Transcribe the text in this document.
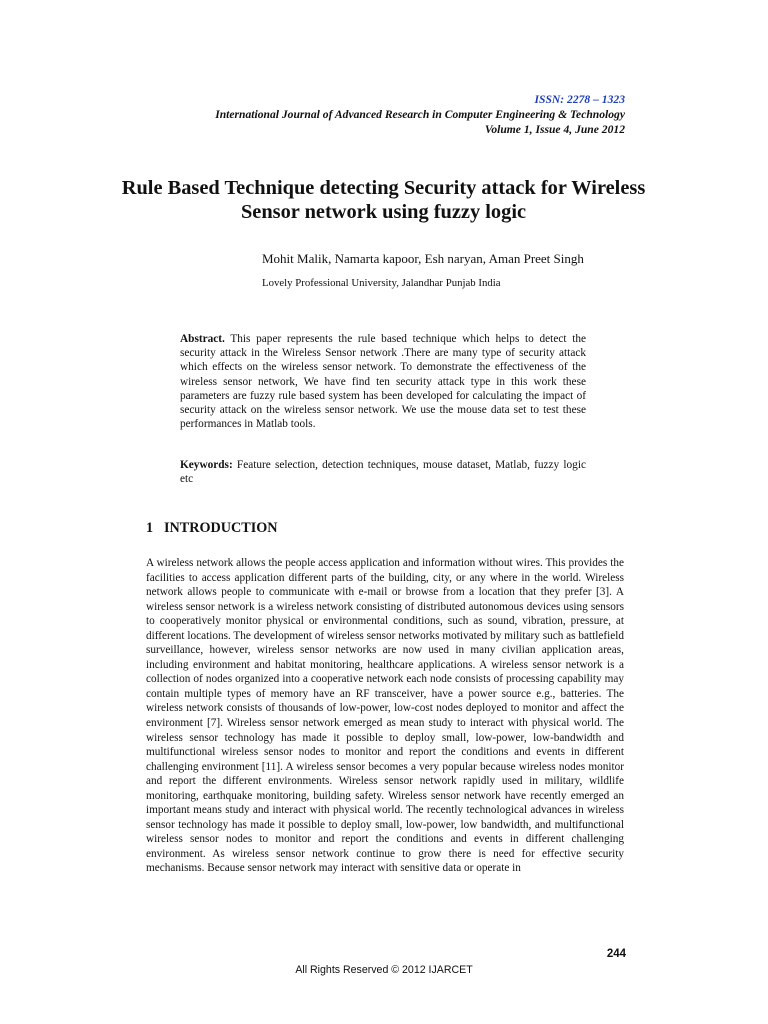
ISSN: 2278 – 1323
International Journal of Advanced Research in Computer Engineering & Technology
Volume 1, Issue 4, June 2012
Rule Based Technique detecting Security attack for Wireless Sensor network using fuzzy logic
Mohit Malik, Namarta kapoor, Esh naryan, Aman Preet Singh
Lovely Professional University, Jalandhar Punjab India

Abstract. This paper represents the rule based technique which helps to detect the security attack in the Wireless Sensor network .There are many type of security attack which effects on the wireless sensor network. To demonstrate the effectiveness of the wireless sensor network, We have find ten security attack type in this work these parameters are fuzzy rule based system has been developed for calculating the impact of security attack on the wireless sensor network. We use the mouse data set to test these performances in Matlab tools.

Keywords: Feature selection, detection techniques, mouse dataset, Matlab, fuzzy logic etc

1 INTRODUCTION

A wireless network allows the people access application and information without wires. This provides the facilities to access application different parts of the building, city, or any where in the world. Wireless network allows people to communicate with e-mail or browse from a location that they prefer [3]. A wireless sensor network is a wireless network consisting of distributed autonomous devices using sensors to cooperatively monitor physical or environmental conditions, such as sound, vibration, pressure, at different locations. The development of wireless sensor networks motivated by military such as battlefield surveillance, however, wireless sensor networks are now used in many civilian application areas, including environment and habitat monitoring, healthcare applications. A wireless sensor network is a collection of nodes organized into a cooperative network each node consists of processing capability may contain multiple types of memory have an RF transceiver, have a power source e.g., batteries. The wireless network consists of thousands of low-power, low-cost nodes deployed to monitor and affect the environment [7]. Wireless sensor network emerged as mean study to interact with physical world. The wireless sensor technology has made it possible to deploy small, low-power, low-bandwidth and multifunctional wireless sensor nodes to monitor and report the conditions and events in different challenging environment [11]. A wireless sensor becomes a very popular because wireless nodes monitor and report the different environments. Wireless sensor network rapidly used in military, wildlife monitoring, earthquake monitoring, building safety. Wireless sensor network have recently emerged an important means study and interact with physical world. The recently technological advances in wireless sensor technology has made it possible to deploy small, low-power, low bandwidth, and multifunctional wireless sensor nodes to monitor and report the conditions and events in different challenging environment. As wireless sensor network continue to grow there is need for effective security mechanisms. Because sensor network may interact with sensitive data or operate in

244
All Rights Reserved © 2012 IJARCET
